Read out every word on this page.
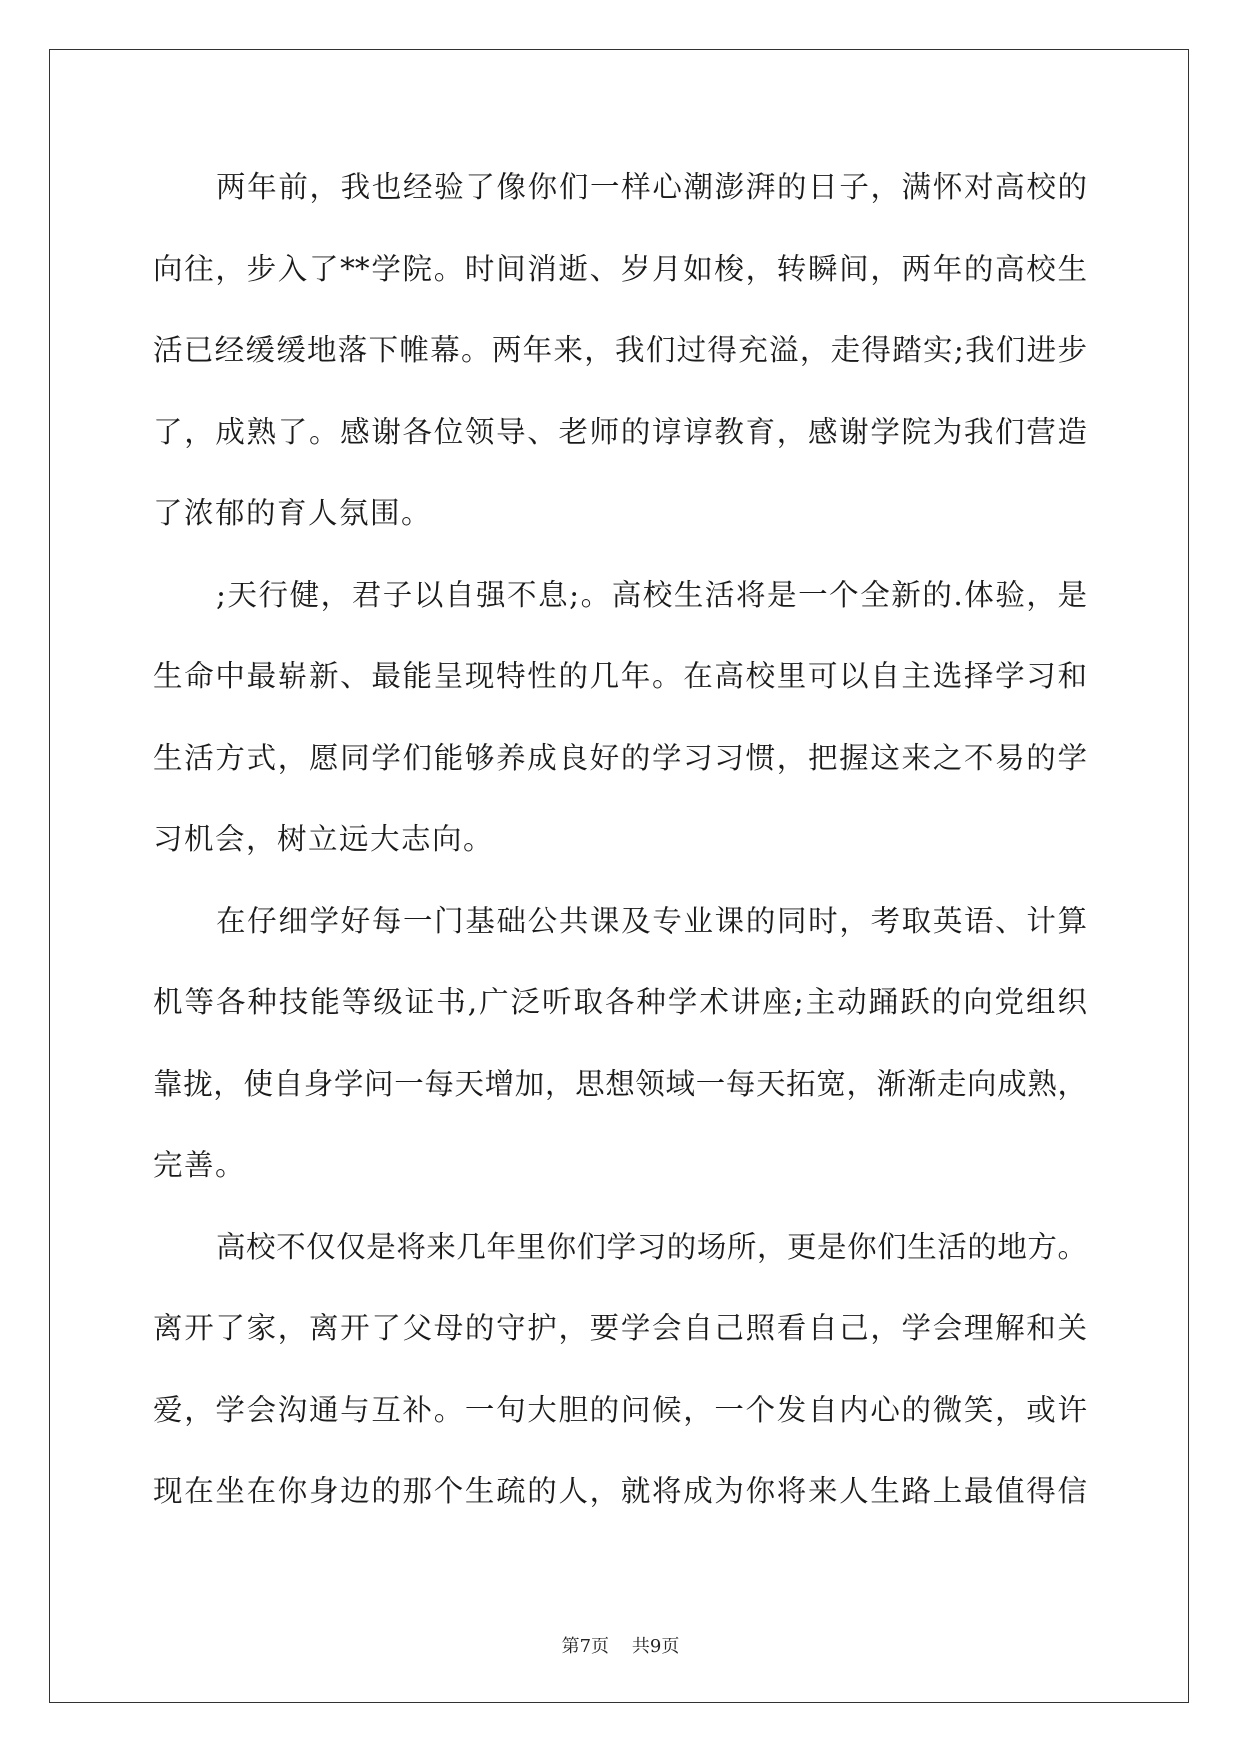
两年前，我也经验了像你们一样心潮澎湃的日子，满怀对高校的
向往，步入了**学院。时间消逝、岁月如梭，转瞬间，两年的高校生
活已经缓缓地落下帷幕。两年来，我们过得充溢，走得踏实;我们进步
了，成熟了。感谢各位领导、老师的谆谆教育，感谢学院为我们营造
了浓郁的育人氛围。
;天行健，君子以自强不息;。高校生活将是一个全新的.体验，是
生命中最崭新、最能呈现特性的几年。在高校里可以自主选择学习和
生活方式，愿同学们能够养成良好的学习习惯，把握这来之不易的学
习机会，树立远大志向。
在仔细学好每一门基础公共课及专业课的同时，考取英语、计算
机等各种技能等级证书,广泛听取各种学术讲座;主动踊跃的向党组织
靠拢，使自身学问一每天增加，思想领域一每天拓宽，渐渐走向成熟，
完善。
高校不仅仅是将来几年里你们学习的场所，更是你们生活的地方。
离开了家，离开了父母的守护，要学会自己照看自己，学会理解和关
爱，学会沟通与互补。一句大胆的问候，一个发自内心的微笑，或许
现在坐在你身边的那个生疏的人，就将成为你将来人生路上最值得信
第7页    共9页
